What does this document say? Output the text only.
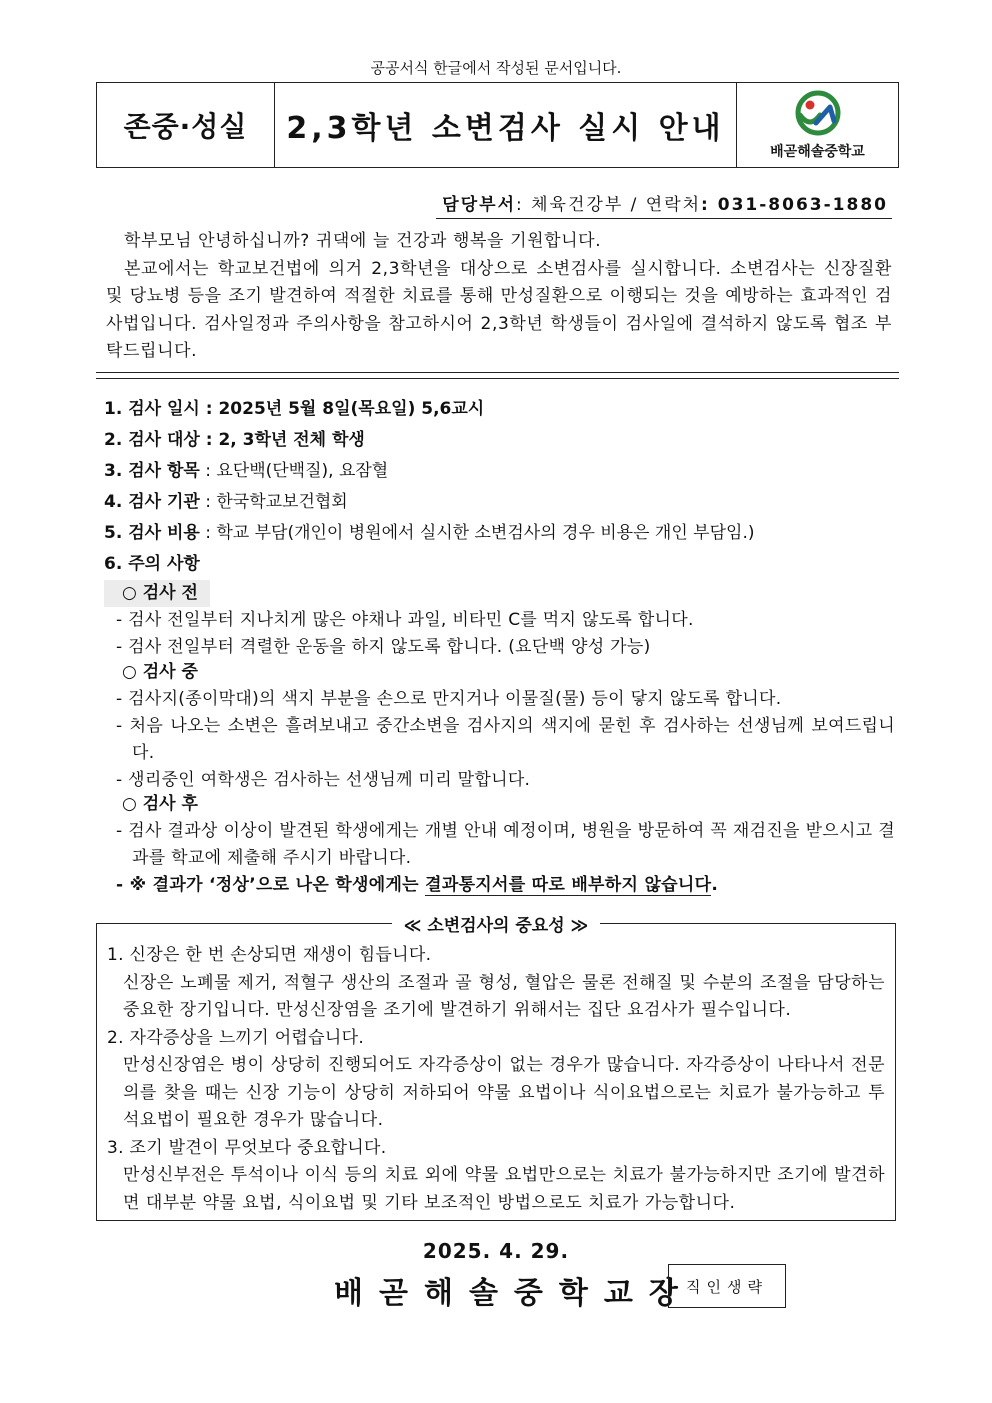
공공서식 한글에서 작성된 문서입니다.
존중·성실	2,3학년 소변검사 실시 안내
배곧해솔중학교
담당부서: 체육건강부 / 연락처: 031-8063-1880

학부모님 안녕하십니까? 귀댁에 늘 건강과 행복을 기원합니다.

본교에서는 학교보건법에 의거 2,3학년을 대상으로 소변검사를 실시합니다. 소변검사는 신장질환 및 당뇨병 등을 조기 발견하여 적절한 치료를 통해 만성질환으로 이행되는 것을 예방하는 효과적인 검사법입니다. 검사일정과 주의사항을 참고하시어 2,3학년 학생들이 검사일에 결석하지 않도록 협조 부탁드립니다.

1. 검사 일시 : 2025년 5월 8일(목요일) 5,6교시
2. 검사 대상 : 2, 3학년 전체 학생
3. 검사 항목 : 요단백(단백질), 요잠혈
4. 검사 기관 : 한국학교보건협회
5. 검사 비용 : 학교 부담(개인이 병원에서 실시한 소변검사의 경우 비용은 개인 부담임.)
6. 주의 사항
○ 검사 전
- 검사 전일부터 지나치게 많은 야채나 과일, 비타민 C를 먹지 않도록 합니다.
- 검사 전일부터 격렬한 운동을 하지 않도록 합니다. (요단백 양성 가능)
○ 검사 중
- 검사지(종이막대)의 색지 부분을 손으로 만지거나 이물질(물) 등이 닿지 않도록 합니다.
- 처음 나오는 소변은 흘려보내고 중간소변을 검사지의 색지에 묻힌 후 검사하는 선생님께 보여드립니다.
- 생리중인 여학생은 검사하는 선생님께 미리 말합니다.
○ 검사 후
- 검사 결과상 이상이 발견된 학생에게는 개별 안내 예정이며, 병원을 방문하여 꼭 재검진을 받으시고 결과를 학교에 제출해 주시기 바랍니다.
- ※ 결과가 ‘정상’으로 나온 학생에게는 결과통지서를 따로 배부하지 않습니다.
≪ 소변검사의 중요성 ≫

1. 신장은 한 번 손상되면 재생이 힘듭니다.

신장은 노폐물 제거, 적혈구 생산의 조절과 골 형성, 혈압은 물론 전해질 및 수분의 조절을 담당하는 중요한 장기입니다. 만성신장염을 조기에 발견하기 위해서는 집단 요검사가 필수입니다.

2. 자각증상을 느끼기 어렵습니다.

만성신장염은 병이 상당히 진행되어도 자각증상이 없는 경우가 많습니다. 자각증상이 나타나서 전문의를 찾을 때는 신장 기능이 상당히 저하되어 약물 요법이나 식이요법으로는 치료가 불가능하고 투석요법이 필요한 경우가 많습니다.

3. 조기 발견이 무엇보다 중요합니다.

만성신부전은 투석이나 이식 등의 치료 외에 약물 요법만으로는 치료가 불가능하지만 조기에 발견하면 대부분 약물 요법, 식이요법 및 기타 보조적인 방법으로도 치료가 가능합니다.

2025. 4. 29.
배곧해솔중학교장
직인생략
